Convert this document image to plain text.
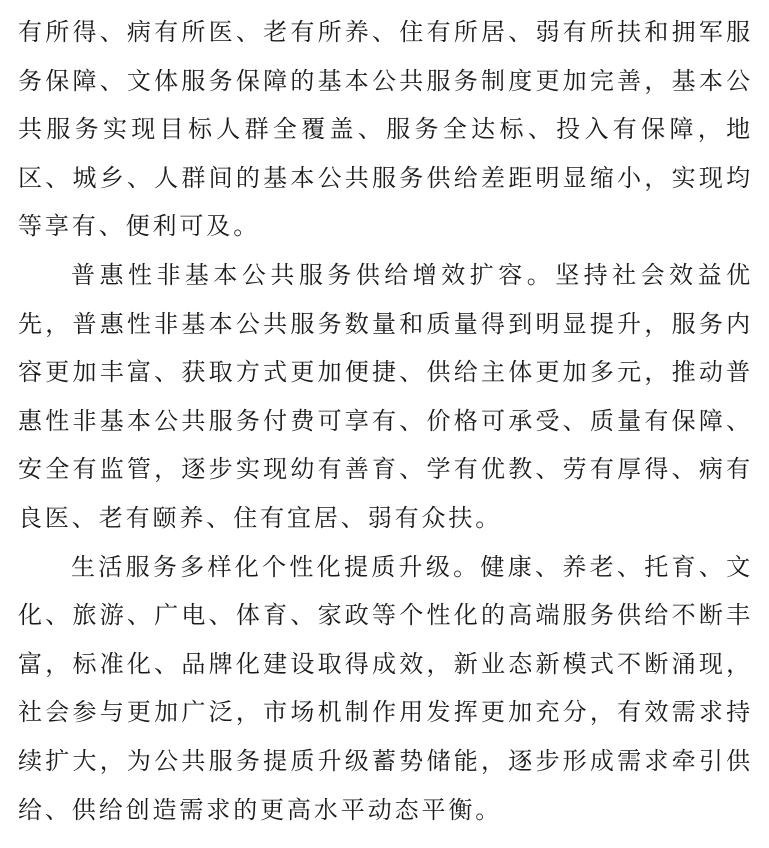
有所得、病有所医、老有所养、住有所居、弱有所扶和拥军服务保障、文体服务保障的基本公共服务制度更加完善，基本公共服务实现目标人群全覆盖、服务全达标、投入有保障，地区、城乡、人群间的基本公共服务供给差距明显缩小，实现均等享有、便利可及。

普惠性非基本公共服务供给增效扩容。坚持社会效益优先，普惠性非基本公共服务数量和质量得到明显提升，服务内容更加丰富、获取方式更加便捷、供给主体更加多元，推动普惠性非基本公共服务付费可享有、价格可承受、质量有保障、安全有监管，逐步实现幼有善育、学有优教、劳有厚得、病有良医、老有颐养、住有宜居、弱有众扶。

生活服务多样化个性化提质升级。健康、养老、托育、文化、旅游、广电、体育、家政等个性化的高端服务供给不断丰富，标准化、品牌化建设取得成效，新业态新模式不断涌现，社会参与更加广泛，市场机制作用发挥更加充分，有效需求持续扩大，为公共服务提质升级蓄势储能，逐步形成需求牵引供给、供给创造需求的更高水平动态平衡。
